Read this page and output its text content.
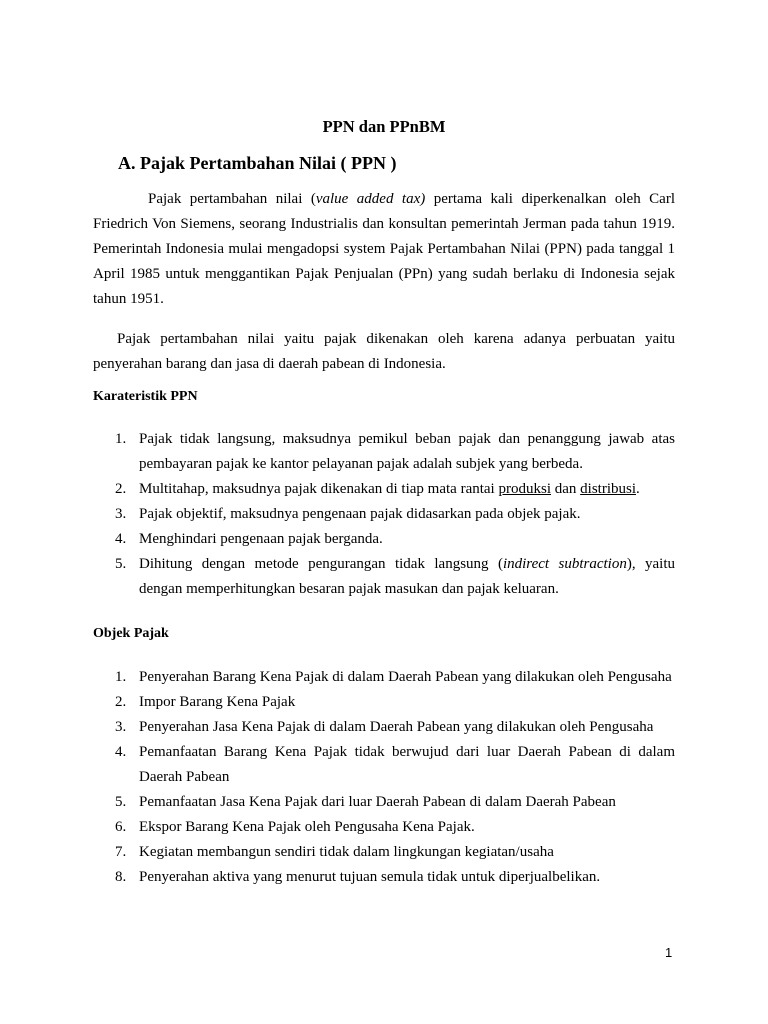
PPN dan PPnBM
A. Pajak Pertambahan Nilai ( PPN )

Pajak pertambahan nilai (value added tax) pertama kali diperkenalkan oleh Carl Friedrich Von Siemens, seorang Industrialis dan konsultan pemerintah Jerman pada tahun 1919. Pemerintah Indonesia mulai mengadopsi system Pajak Pertambahan Nilai (PPN) pada tanggal 1 April 1985 untuk menggantikan Pajak Penjualan (PPn) yang sudah berlaku di Indonesia sejak tahun 1951.

Pajak pertambahan nilai yaitu pajak dikenakan oleh karena adanya perbuatan yaitu penyerahan barang dan jasa di daerah pabean di Indonesia.

Karateristik PPN
1. Pajak tidak langsung, maksudnya pemikul beban pajak dan penanggung jawab atas pembayaran pajak ke kantor pelayanan pajak adalah subjek yang berbeda.
2. Multitahap, maksudnya pajak dikenakan di tiap mata rantai produksi dan distribusi.
3. Pajak objektif, maksudnya pengenaan pajak didasarkan pada objek pajak.
4. Menghindari pengenaan pajak berganda.
5. Dihitung dengan metode pengurangan tidak langsung (indirect subtraction), yaitu dengan memperhitungkan besaran pajak masukan dan pajak keluaran.
Objek Pajak
1. Penyerahan Barang Kena Pajak di dalam Daerah Pabean yang dilakukan oleh Pengusaha
2. Impor Barang Kena Pajak
3. Penyerahan Jasa Kena Pajak di dalam Daerah Pabean yang dilakukan oleh Pengusaha
4. Pemanfaatan Barang Kena Pajak tidak berwujud dari luar Daerah Pabean di dalam Daerah Pabean
5. Pemanfaatan Jasa Kena Pajak dari luar Daerah Pabean di dalam Daerah Pabean
6. Ekspor Barang Kena Pajak oleh Pengusaha Kena Pajak.
7. Kegiatan membangun sendiri tidak dalam lingkungan kegiatan/usaha
8. Penyerahan aktiva yang menurut tujuan semula tidak untuk diperjualbelikan.
1
